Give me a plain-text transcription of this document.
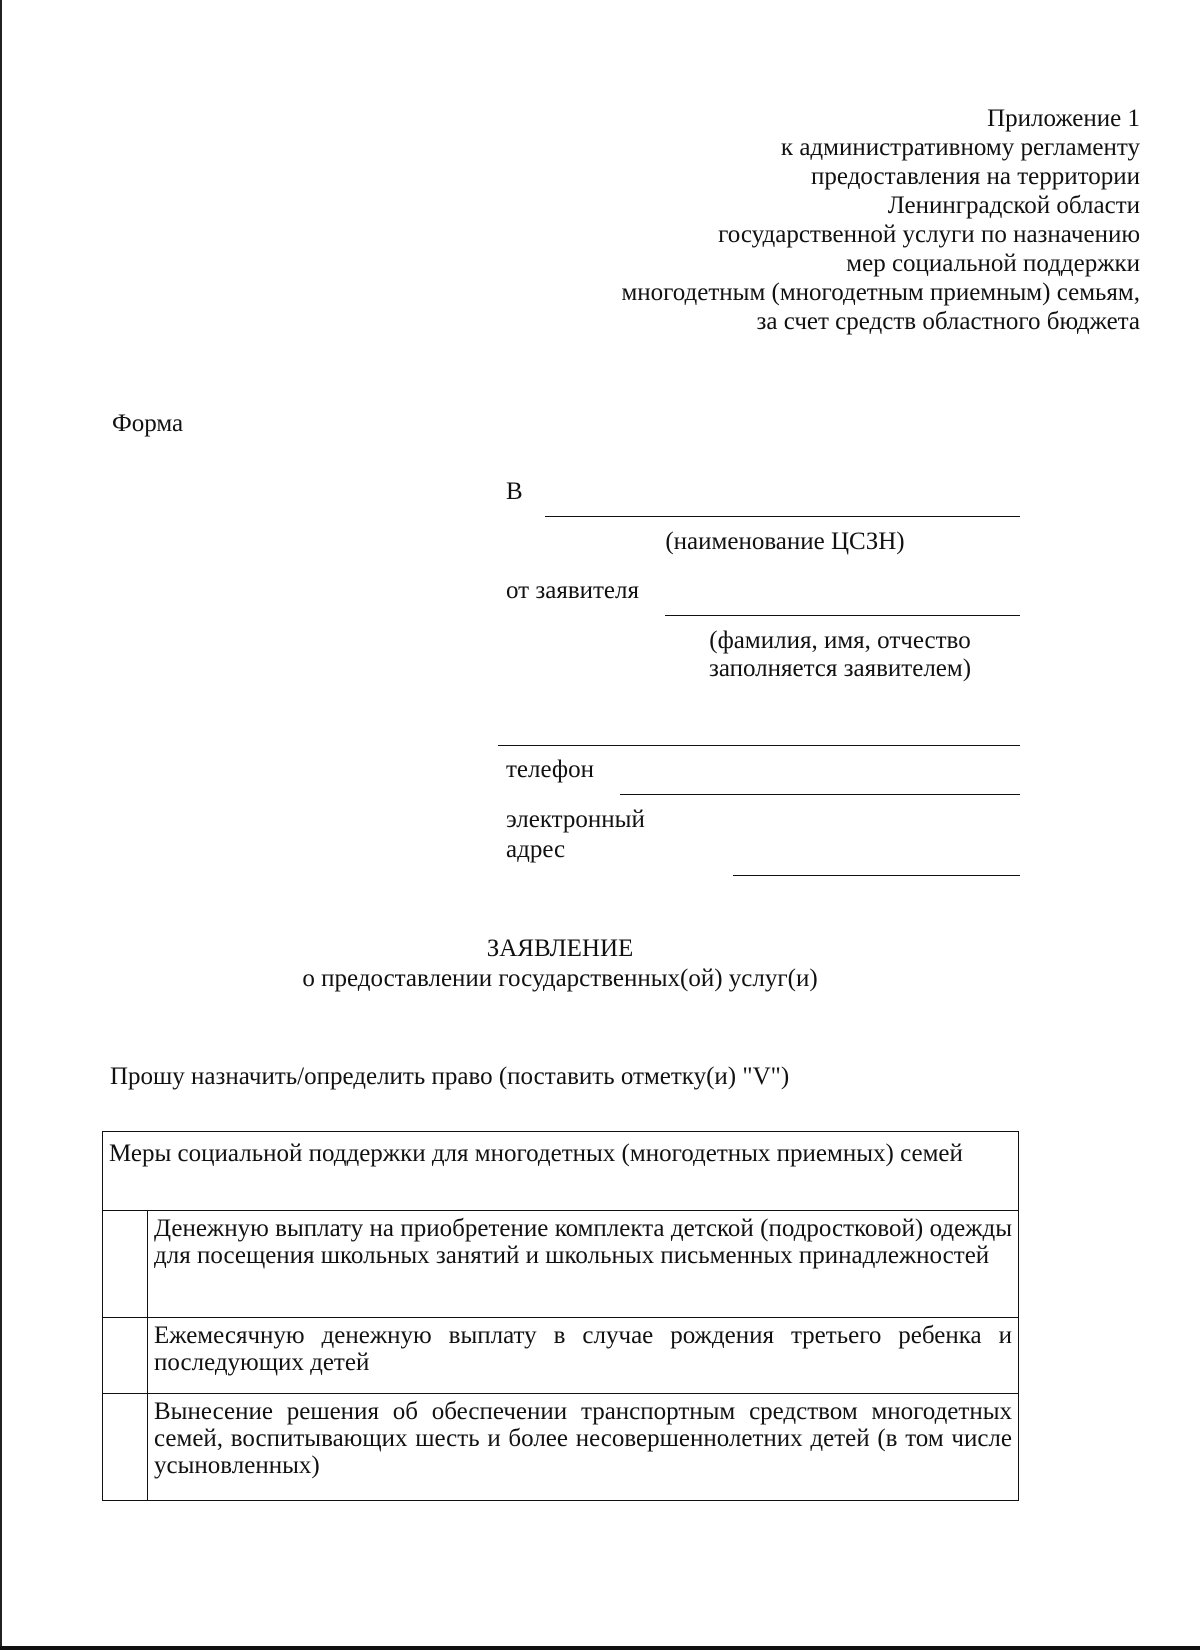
Приложение 1
к административному регламенту
предоставления на территории
Ленинградской области
государственной услуги по назначению
мер социальной поддержки
многодетным (многодетным приемным) семьям,
за счет средств областного бюджета
Форма
В
(наименование ЦСЗН)
от заявителя
(фамилия, имя, отчество
заполняется заявителем)
телефон
электронный
адрес
ЗАЯВЛЕНИЕ
о предоставлении государственных(ой) услуг(и)
Прошу назначить/определить право (поставить отметку(и) "V")
Меры социальной поддержки для многодетных (многодетных приемных) семей	
	Денежную выплату на приобретение комплекта детской (подростковой) одежды для посещения школьных занятий и школьных письменных принадлежностей
	Ежемесячную денежную выплату в случае рождения третьего ребенка и последующих детей
	Вынесение решения об обеспечении транспортным средством многодетных семей, воспитывающих шесть и более несовершеннолетних детей (в том числе усыновленных)
